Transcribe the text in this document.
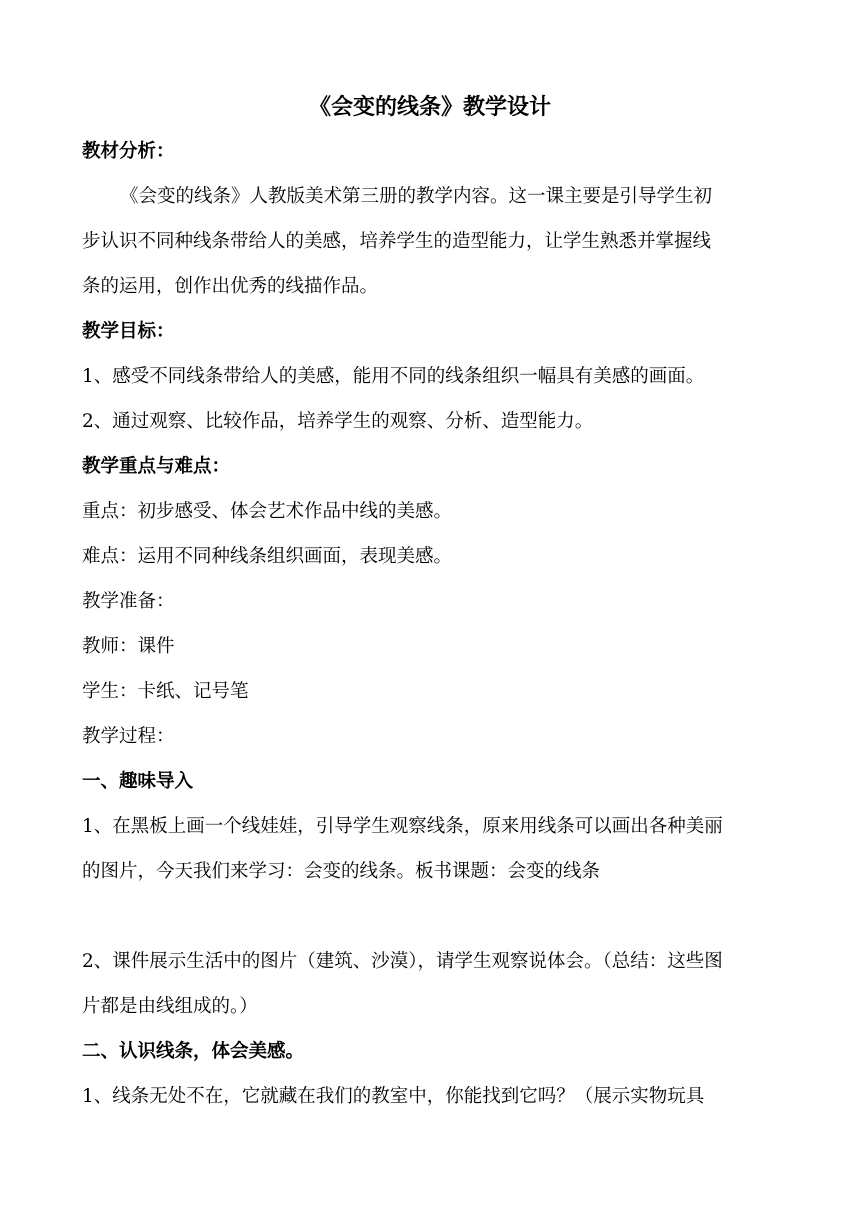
《会变的线条》教学设计

教材分析：

《会变的线条》人教版美术第三册的教学内容。这一课主要是引导学生初

步认识不同种线条带给人的美感，培养学生的造型能力，让学生熟悉并掌握线

条的运用，创作出优秀的线描作品。

教学目标：

1、感受不同线条带给人的美感，能用不同的线条组织一幅具有美感的画面。

2、通过观察、比较作品，培养学生的观察、分析、造型能力。

教学重点与难点：

重点：初步感受、体会艺术作品中线的美感。

难点：运用不同种线条组织画面，表现美感。

教学准备：

教师：课件

学生：卡纸、记号笔

教学过程：

一、趣味导入

1、在黑板上画一个线娃娃，引导学生观察线条，原来用线条可以画出各种美丽

的图片，今天我们来学习：会变的线条。板书课题：会变的线条

2、课件展示生活中的图片（建筑、沙漠），请学生观察说体会。（总结：这些图

片都是由线组成的。）

二、认识线条，体会美感。

1、线条无处不在，它就藏在我们的教室中，你能找到它吗？（展示实物玩具
